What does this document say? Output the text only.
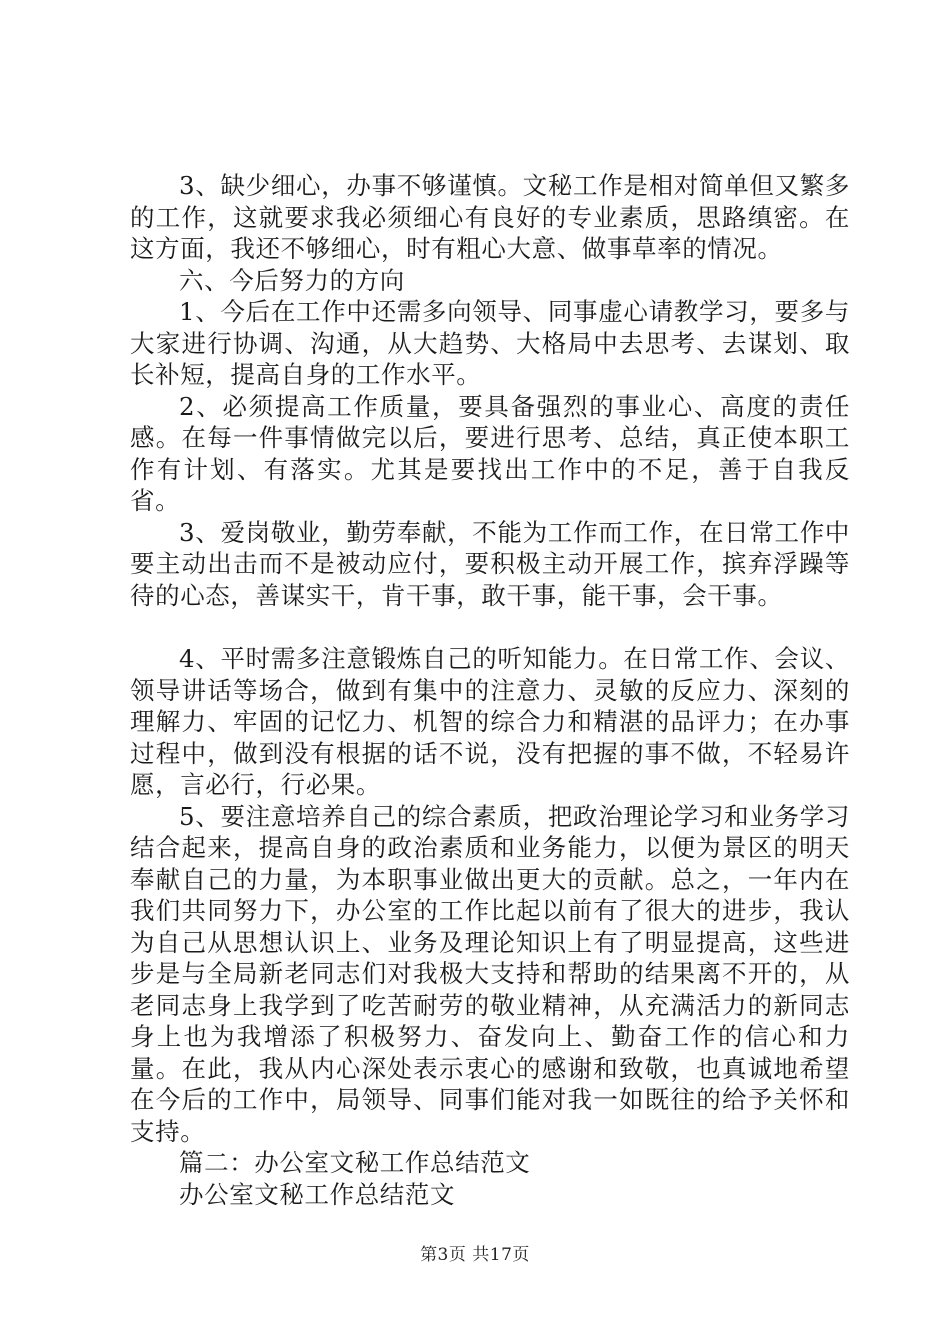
3、缺少细心，办事不够谨慎。文秘工作是相对简单但又繁多的工作，这就要求我必须细心有良好的专业素质，思路缜密。在这方面，我还不够细心，时有粗心大意、做事草率的情况。

六、今后努力的方向

1、今后在工作中还需多向领导、同事虚心请教学习，要多与大家进行协调、沟通，从大趋势、大格局中去思考、去谋划、取长补短，提高自身的工作水平。

2、必须提高工作质量，要具备强烈的事业心、高度的责任感。在每一件事情做完以后，要进行思考、总结，真正使本职工作有计划、有落实。尤其是要找出工作中的不足，善于自我反省。

3、爱岗敬业，勤劳奉献，不能为工作而工作，在日常工作中要主动出击而不是被动应付，要积极主动开展工作，摈弃浮躁等待的心态，善谋实干，肯干事，敢干事，能干事，会干事。

4、平时需多注意锻炼自己的听知能力。在日常工作、会议、领导讲话等场合，做到有集中的注意力、灵敏的反应力、深刻的理解力、牢固的记忆力、机智的综合力和精湛的品评力；在办事过程中，做到没有根据的话不说，没有把握的事不做，不轻易许愿，言必行，行必果。

5、要注意培养自己的综合素质，把政治理论学习和业务学习结合起来，提高自身的政治素质和业务能力，以便为景区的明天奉献自己的力量，为本职事业做出更大的贡献。总之，一年内在我们共同努力下，办公室的工作比起以前有了很大的进步，我认为自己从思想认识上、业务及理论知识上有了明显提高，这些进步是与全局新老同志们对我极大支持和帮助的结果离不开的，从老同志身上我学到了吃苦耐劳的敬业精神，从充满活力的新同志身上也为我增添了积极努力、奋发向上、勤奋工作的信心和力量。在此，我从内心深处表示衷心的感谢和致敬，也真诚地希望在今后的工作中，局领导、同事们能对我一如既往的给予关怀和支持。

篇二：办公室文秘工作总结范文

办公室文秘工作总结范文

第3页 共17页
